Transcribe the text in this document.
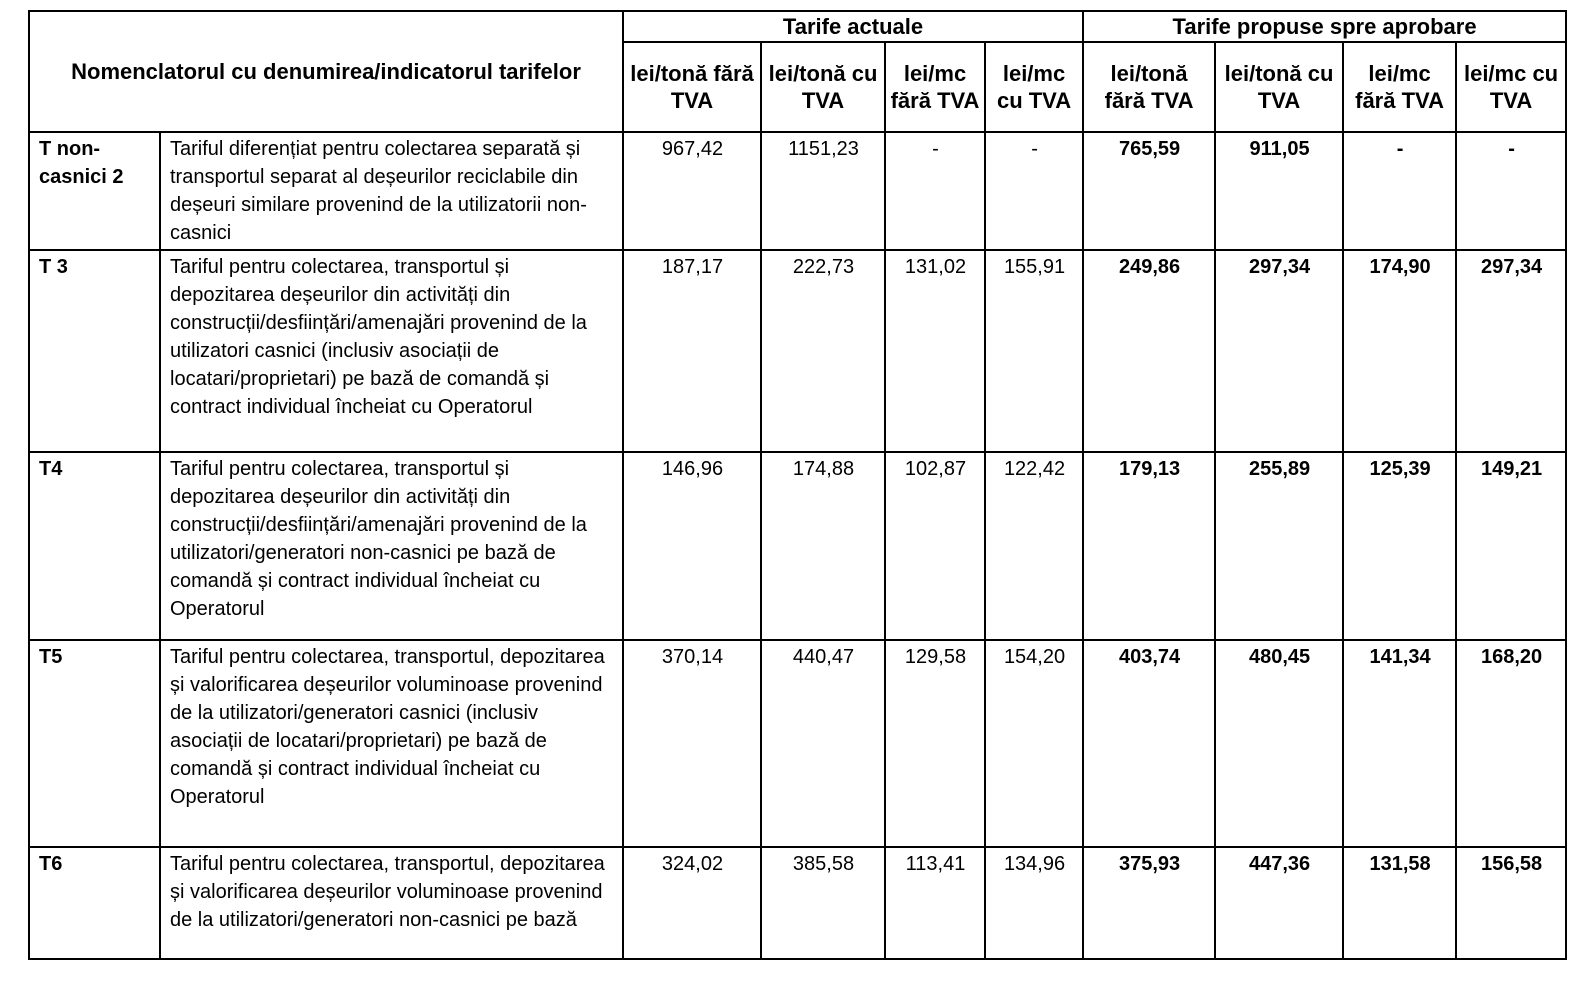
Nomenclatorul cu denumirea/indicatorul tarifelor		Tarife actuale				Tarife propuse spre aprobare			
		lei/tonă fără TVA	lei/tonă cu TVA	lei/mc fără TVA	lei/mc cu TVA	lei/tonă fără TVA	lei/tonă cu TVA	lei/mc fără TVA	lei/mc cu TVA
T non-casnici 2	Tariful diferențiat pentru colectarea separată și transportul separat al deșeurilor reciclabile din deșeuri similare provenind de la utilizatorii non-casnici	967,42	1151,23	-	-	765,59	911,05	-	-
T 3	Tariful pentru colectarea, transportul și depozitarea deșeurilor din activități din construcții/desființări/amenajări provenind de la utilizatori casnici (inclusiv asociații de locatari/proprietari) pe bază de comandă și contract individual încheiat cu Operatorul	187,17	222,73	131,02	155,91	249,86	297,34	174,90	297,34
T4	Tariful pentru colectarea, transportul și depozitarea deșeurilor din activități din construcții/desființări/amenajări provenind de la utilizatori/generatori non-casnici pe bază de comandă și contract individual încheiat cu Operatorul	146,96	174,88	102,87	122,42	179,13	255,89	125,39	149,21
T5	Tariful pentru colectarea, transportul, depozitarea și valorificarea deșeurilor voluminoase provenind de la utilizatori/generatori casnici (inclusiv asociații de locatari/proprietari) pe bază de comandă și contract individual încheiat cu Operatorul	370,14	440,47	129,58	154,20	403,74	480,45	141,34	168,20
T6	Tariful pentru colectarea, transportul, depozitarea și valorificarea deșeurilor voluminoase provenind de la utilizatori/generatori non-casnici pe bază	324,02	385,58	113,41	134,96	375,93	447,36	131,58	156,58
